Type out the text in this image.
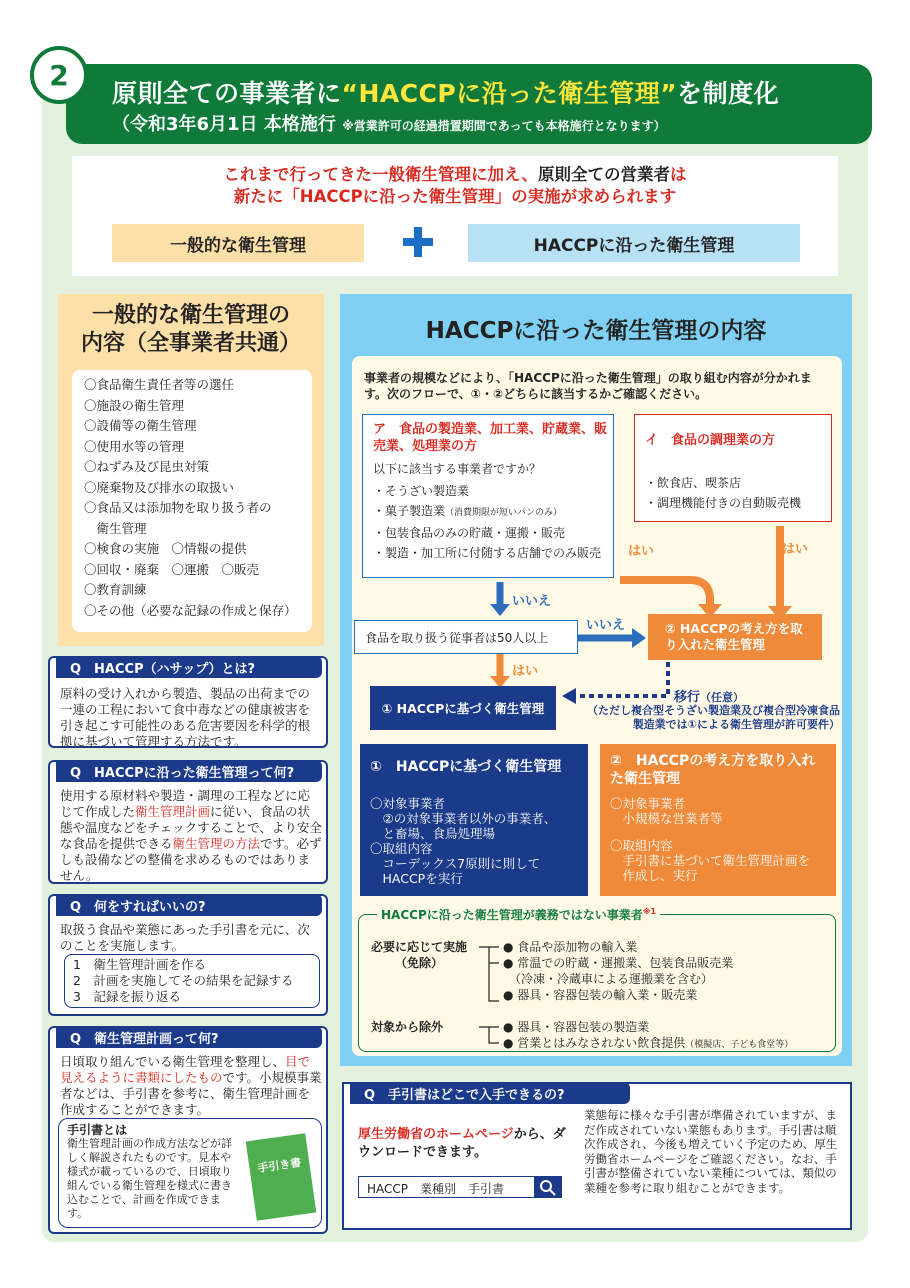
原則全ての事業者に“HACCPに沿った衛生管理”を制度化
（令和3年6月1日 本格施行 ※営業許可の経過措置期間であっても本格施行となります）
2
これまで行ってきた一般衛生管理に加え、原則全ての営業者は
新たに「HACCPに沿った衛生管理」の実施が求められます
一般的な衛生管理	HACCPに沿った衛生管理
一般的な衛生管理の
内容（全事業者共通）
〇食品衛生責任者等の選任
〇施設の衛生管理
〇設備等の衛生管理
〇使用水等の管理
〇ねずみ及び昆虫対策
〇廃棄物及び排水の取扱い
〇食品又は添加物を取り扱う者の
　衛生管理
〇検食の実施　〇情報の提供
〇回収・廃棄　〇運搬　〇販売
〇教育訓練
〇その他（必要な記録の作成と保存）
Q　HACCP（ハサップ）とは?
原料の受け入れから製造、製品の出荷までの一連の工程において食中毒などの健康被害を引き起こす可能性のある危害要因を科学的根拠に基づいて管理する方法です。
Q　HACCPに沿った衛生管理って何?
使用する原材料や製造・調理の工程などに応じて作成した衛生管理計画に従い、食品の状態や温度などをチェックすることで、より安全な食品を提供できる衛生管理の方法です。必ずしも設備などの整備を求めるものではありません。
Q　何をすればいいの?
取扱う食品や業態にあった手引書を元に、次のことを実施します。
1　衛生管理計画を作る
2　計画を実施してその結果を記録する
3　記録を振り返る
Q　衛生管理計画って何?
日頃取り組んでいる衛生管理を整理し、目で見えるように書類にしたものです。小規模事業者などは、手引書を参考に、衛生管理計画を作成することができます。
手引書とは
衛生管理計画の作成方法などが詳しく解説されたものです。見本や様式が載っているので、日頃取り組んでいる衛生管理を様式に書き込むことで、計画を作成できます。
手引き書
HACCPに沿った衛生管理の内容
事業者の規模などにより、「HACCPに沿った衛生管理」の取り組む内容が分かれます。次のフローで、①・②どちらに該当するかご確認ください。
ア　食品の製造業、加工業、貯蔵業、販売業、処理業の方
以下に該当する事業者ですか？
・そうざい製造業
・菓子製造業（消費期限が短いパンのみ）
・包装食品のみの貯蔵・運搬・販売
・製造・加工所に付随する店舗でのみ販売
イ　食品の調理業の方
・飲食店、喫茶店
・調理機能付きの自動販売機
はい	はい
いいえ
いいえ
はい
食品を取り扱う従事者は50人以上
② HACCPの考え方を取り入れた衛生管理
① HACCPに基づく衛生管理
移行（任意）
（ただし複合型そうざい製造業及び複合型冷凍食品製造業では①による衛生管理が許可要件）
①　HACCPに基づく衛生管理
〇対象事業者
　②の対象事業者以外の事業者、
　と畜場、食鳥処理場
〇取組内容
　コーデックス7原則に則して
　HACCPを実行
②　HACCPの考え方を取り入れた衛生管理
〇対象事業者
　小規模な営業者等
〇取組内容
　手引書に基づいて衛生管理計画を
　作成し、実行
HACCPに沿った衛生管理が義務ではない事業者$^{※1}$
必要に応じて実施
（免除）
● 食品や添加物の輸入業
● 常温での貯蔵・運搬業、包装食品販売業
　（冷凍・冷蔵車による運搬業を含む）
● 器具・容器包装の輸入業・販売業
対象から除外	● 器具・容器包装の製造業
● 営業とはみなされない飲食提供（模擬店、子ども食堂等）
Q　手引書はどこで入手できるの?
厚生労働省のホームページから、ダウンロードできます。
HACCP　業種別　手引書
業態毎に様々な手引書が準備されていますが、まだ作成されていない業態もあります。手引書は順次作成され、今後も増えていく予定のため、厚生労働省ホームページをご確認ください。なお、手引書が整備されていない業種については、類似の業種を参考に取り組むことができます。
